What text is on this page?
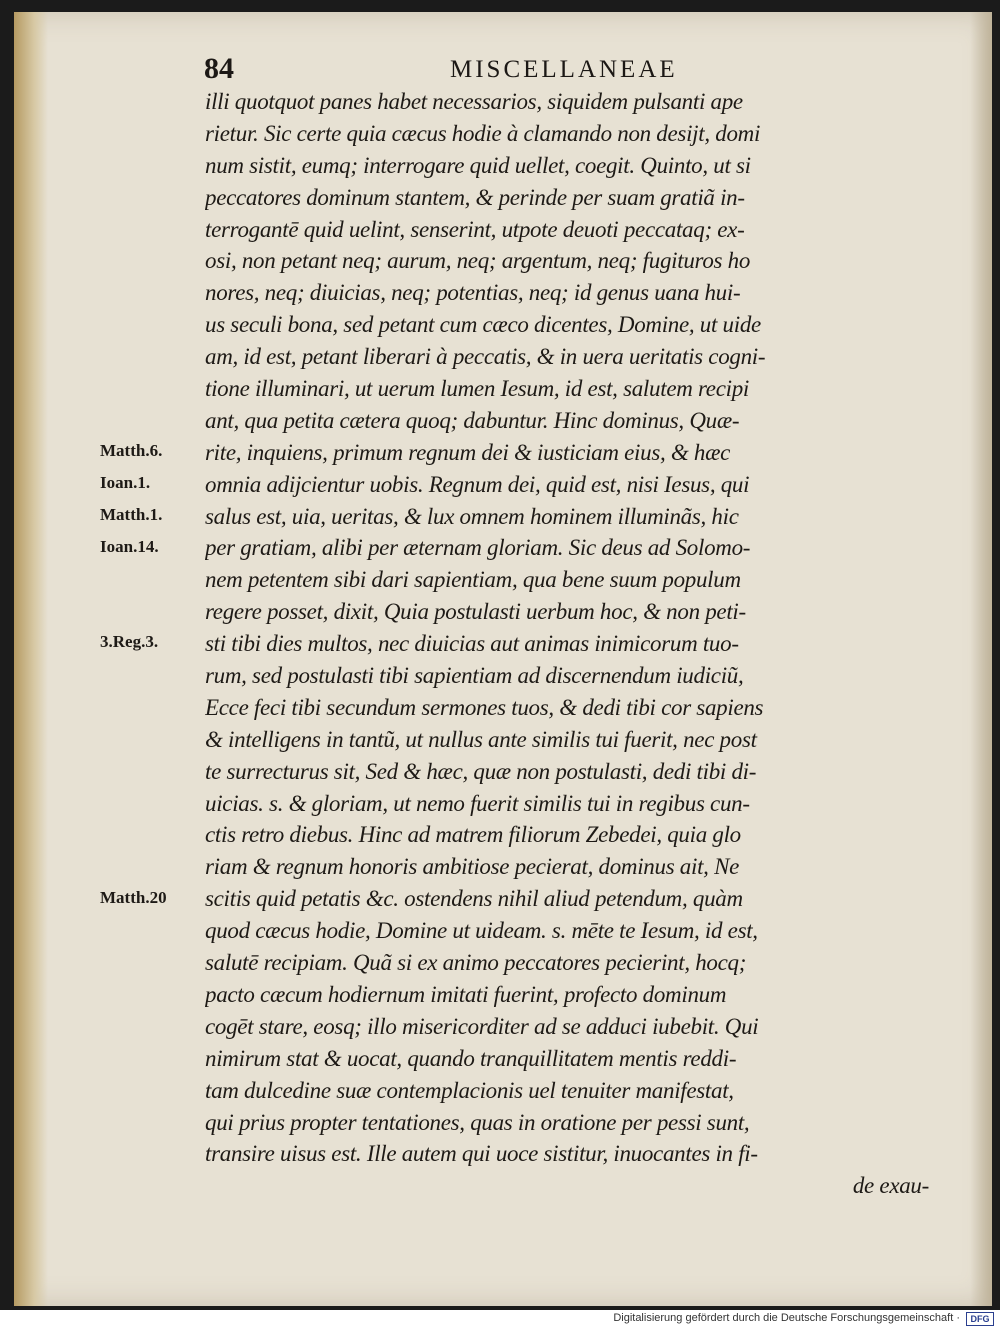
84	MISCELLANEAE
illi quotquot panes habet necessarios, siquidem pulsanti ape
rietur. Sic certe quia cæcus hodie à clamando non desijt, domi
num sistit, eumq; interrogare quid uellet, coegit. Quinto, ut si
peccatores dominum stantem, & perinde per suam gratiã in-
terrogantē quid uelint, senserint, utpote deuoti peccataq; ex-
osi, non petant neq; aurum, neq; argentum, neq; fugituros ho
nores, neq; diuicias, neq; potentias, neq; id genus uana hui-
us seculi bona, sed petant cum cæco dicentes, Domine, ut uide
am, id est, petant liberari à peccatis, & in uera ueritatis cogni-
tione illuminari, ut uerum lumen Iesum, id est, salutem recipi
ant, qua petita cætera quoq; dabuntur. Hinc dominus, Quæ-
rite, inquiens, primum regnum dei & iusticiam eius, & hæc
omnia adijcientur uobis. Regnum dei, quid est, nisi Iesus, qui
salus est, uia, ueritas, & lux omnem hominem illuminãs, hic
per gratiam, alibi per æternam gloriam. Sic deus ad Solomo-
nem petentem sibi dari sapientiam, qua bene suum populum
regere posset, dixit, Quia postulasti uerbum hoc, & non peti-
sti tibi dies multos, nec diuicias aut animas inimicorum tuo-
rum, sed postulasti tibi sapientiam ad discernendum iudiciũ,
Ecce feci tibi secundum sermones tuos, & dedi tibi cor sapiens
& intelligens in tantũ, ut nullus ante similis tui fuerit, nec post
te surrecturus sit, Sed & hæc, quæ non postulasti, dedi tibi di-
uicias. s. & gloriam, ut nemo fuerit similis tui in regibus cun-
ctis retro diebus. Hinc ad matrem filiorum Zebedei, quia glo
riam & regnum honoris ambitiose pecierat, dominus ait, Ne
scitis quid petatis &c. ostendens nihil aliud petendum, quàm
quod cæcus hodie, Domine ut uideam. s. mēte te Iesum, id est,
salutē recipiam. Quã si ex animo peccatores pecierint, hocq;
pacto cæcum hodiernum imitati fuerint, profecto dominum
cogēt stare, eosq; illo misericorditer ad se adduci iubebit. Qui
nimirum stat & uocat, quando tranquillitatem mentis reddi-
tam dulcedine suæ contemplacionis uel tenuiter manifestat,
qui prius propter tentationes, quas in oratione per pessi sunt,
transire uisus est. Ille autem qui uoce sistitur, inuocantes in fi-
de exau-
Matth.6.
Ioan.1.
Matth.1.
Ioan.14.
3.Reg.3.
Matth.20
Digitalisierung gefördert durch die Deutsche Forschungsgemeinschaft ·	DFG
